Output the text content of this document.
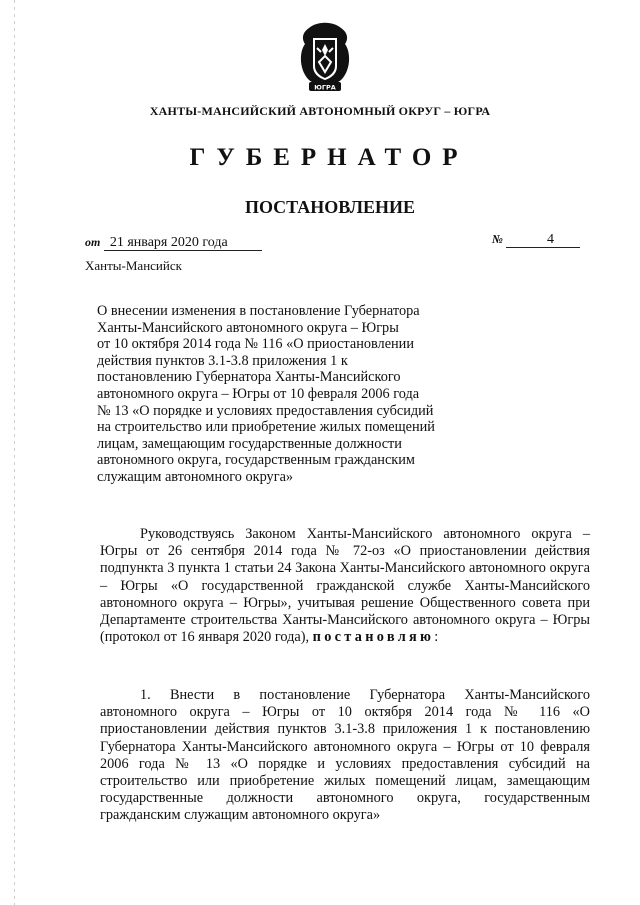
ЮГРА
ХАНТЫ-МАНСИЙСКИЙ АВТОНОМНЫЙ ОКРУГ – ЮГРА
ГУБЕРНАТОР
ПОСТАНОВЛЕНИЕ
от 21 января 2020 года	№	4
Ханты-Мансийск
О внесении изменения в постановление Губернатора
Ханты-Мансийского автономного округа – Югры
от 10 октября 2014 года № 116 «О приостановлении
действия пунктов 3.1-3.8 приложения 1 к
постановлению Губернатора Ханты-Мансийского
автономного округа – Югры от 10 февраля 2006 года
№ 13 «О порядке и условиях предоставления субсидий
на строительство или приобретение жилых помещений
лицам, замещающим государственные должности
автономного округа, государственным гражданским
служащим автономного округа»

Руководствуясь Законом Ханты-Мансийского автономного округа – Югры от 26 сентября 2014 года № 72-оз «О приостановлении действия подпункта 3 пункта 1 статьи 24 Закона Ханты-Мансийского автономного округа – Югры «О государственной гражданской службе Ханты-Мансийского автономного округа – Югры», учитывая решение Общественного совета при Департаменте строительства Ханты-Мансийского автономного округа – Югры (протокол от 16 января 2020 года), постановляю:

1. Внести в постановление Губернатора Ханты-Мансийского автономного округа – Югры от 10 октября 2014 года № 116 «О приостановлении действия пунктов 3.1-3.8 приложения 1 к постановлению Губернатора Ханты-Мансийского автономного округа – Югры от 10 февраля 2006 года № 13 «О порядке и условиях предоставления субсидий на строительство или приобретение жилых помещений лицам, замещающим государственные должности автономного округа, государственным гражданским служащим автономного округа»
